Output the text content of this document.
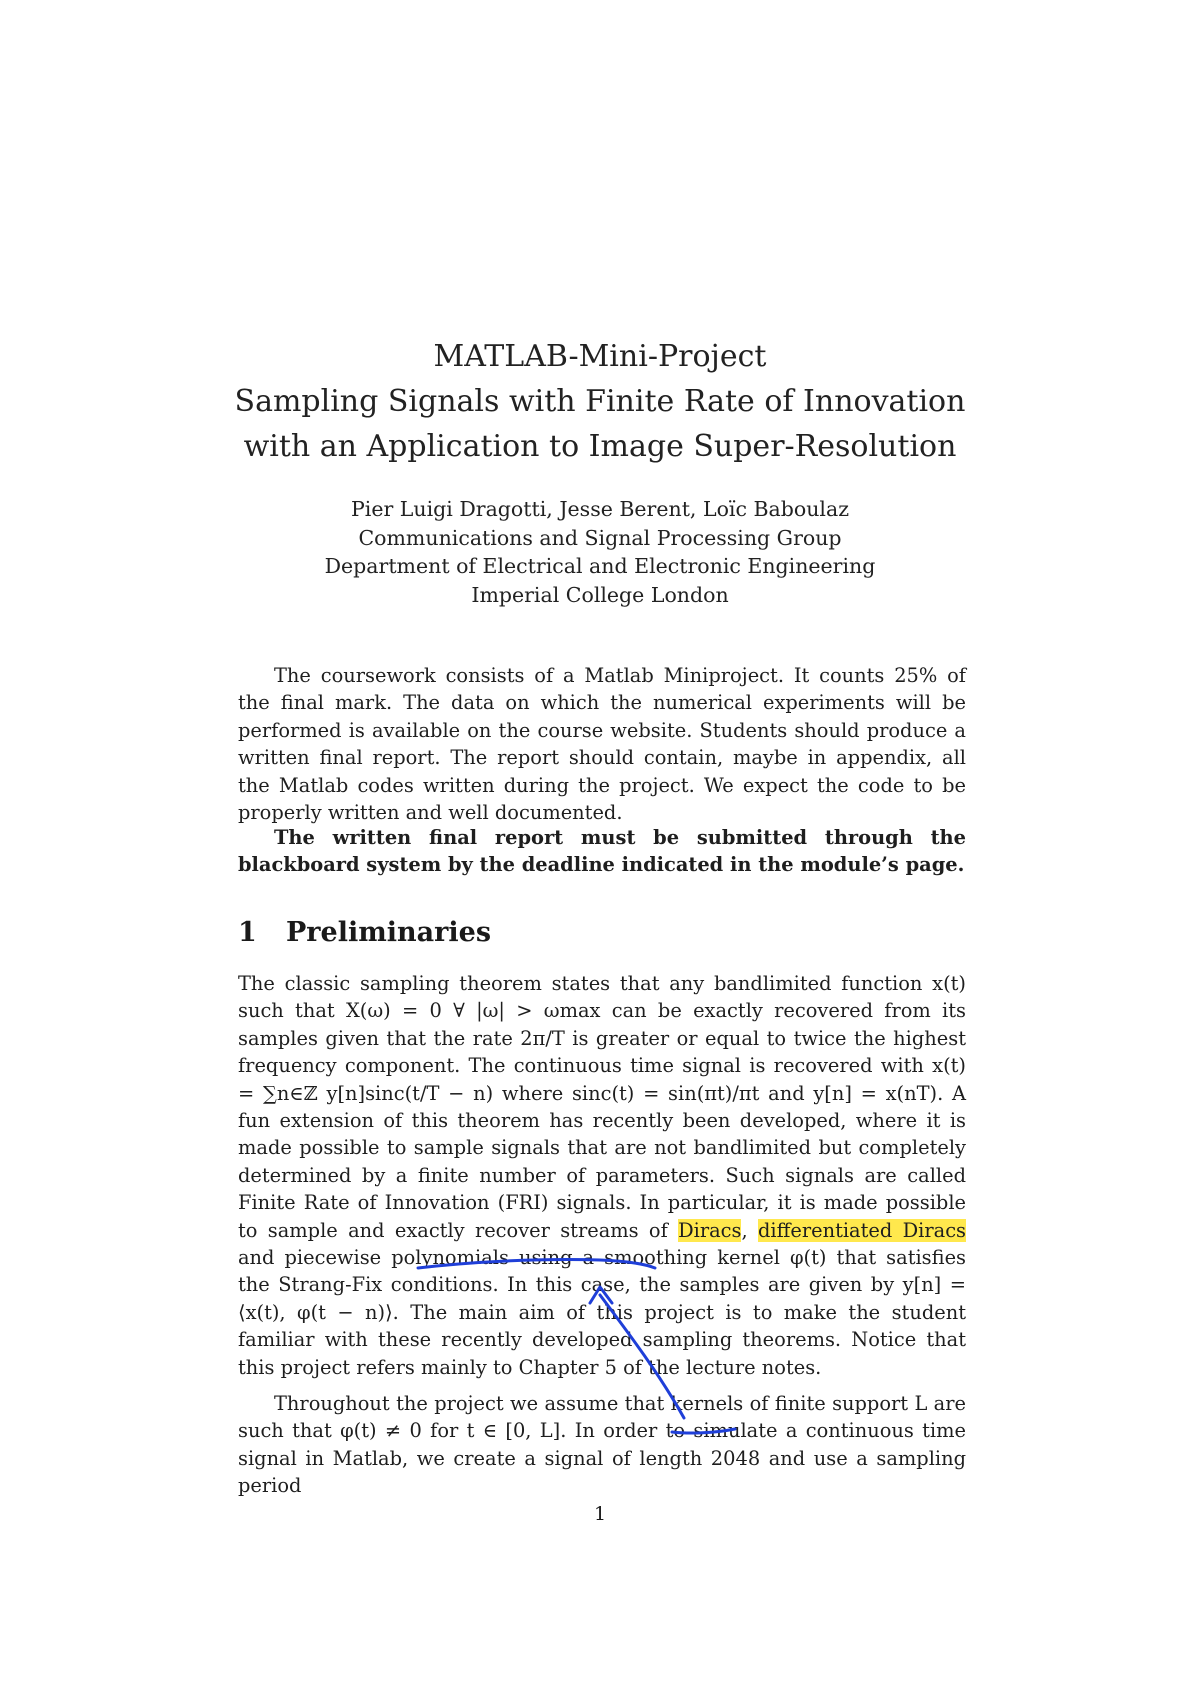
MATLAB-Mini-Project
Sampling Signals with Finite Rate of Innovation
with an Application to Image Super-Resolution
Pier Luigi Dragotti, Jesse Berent, Loïc Baboulaz
Communications and Signal Processing Group
Department of Electrical and Electronic Engineering
Imperial College London
The coursework consists of a Matlab Miniproject. It counts 25% of the final mark. The data on which the numerical experiments will be performed is available on the course website. Students should produce a written final report. The report should contain, maybe in appendix, all the Matlab codes written during the project. We expect the code to be properly written and well documented.
The written final report must be submitted through the blackboard system by the deadline indicated in the module’s page.
1 Preliminaries
The classic sampling theorem states that any bandlimited function x(t) such that X(ω) = 0 ∀ |ω| > ωmax can be exactly recovered from its samples given that the rate 2π/T is greater or equal to twice the highest frequency component. The continuous time signal is recovered with x(t) = ∑n∈ℤ y[n]sinc(t/T − n) where sinc(t) = sin(πt)/πt and y[n] = x(nT). A fun extension of this theorem has recently been developed, where it is made possible to sample signals that are not bandlimited but completely determined by a finite number of parameters. Such signals are called Finite Rate of Innovation (FRI) signals. In particular, it is made possible to sample and exactly recover streams of Diracs, differentiated Diracs and piecewise polynomials using a smoothing kernel φ(t) that satisfies the Strang-Fix conditions. In this case, the samples are given by y[n] = ⟨x(t), φ(t − n)⟩. The main aim of this project is to make the student familiar with these recently developed sampling theorems. Notice that this project refers mainly to Chapter 5 of the lecture notes.
Throughout the project we assume that kernels of finite support L are such that φ(t) ≠ 0 for t ∈ [0, L]. In order to simulate a continuous time signal in Matlab, we create a signal of length 2048 and use a sampling period
1
